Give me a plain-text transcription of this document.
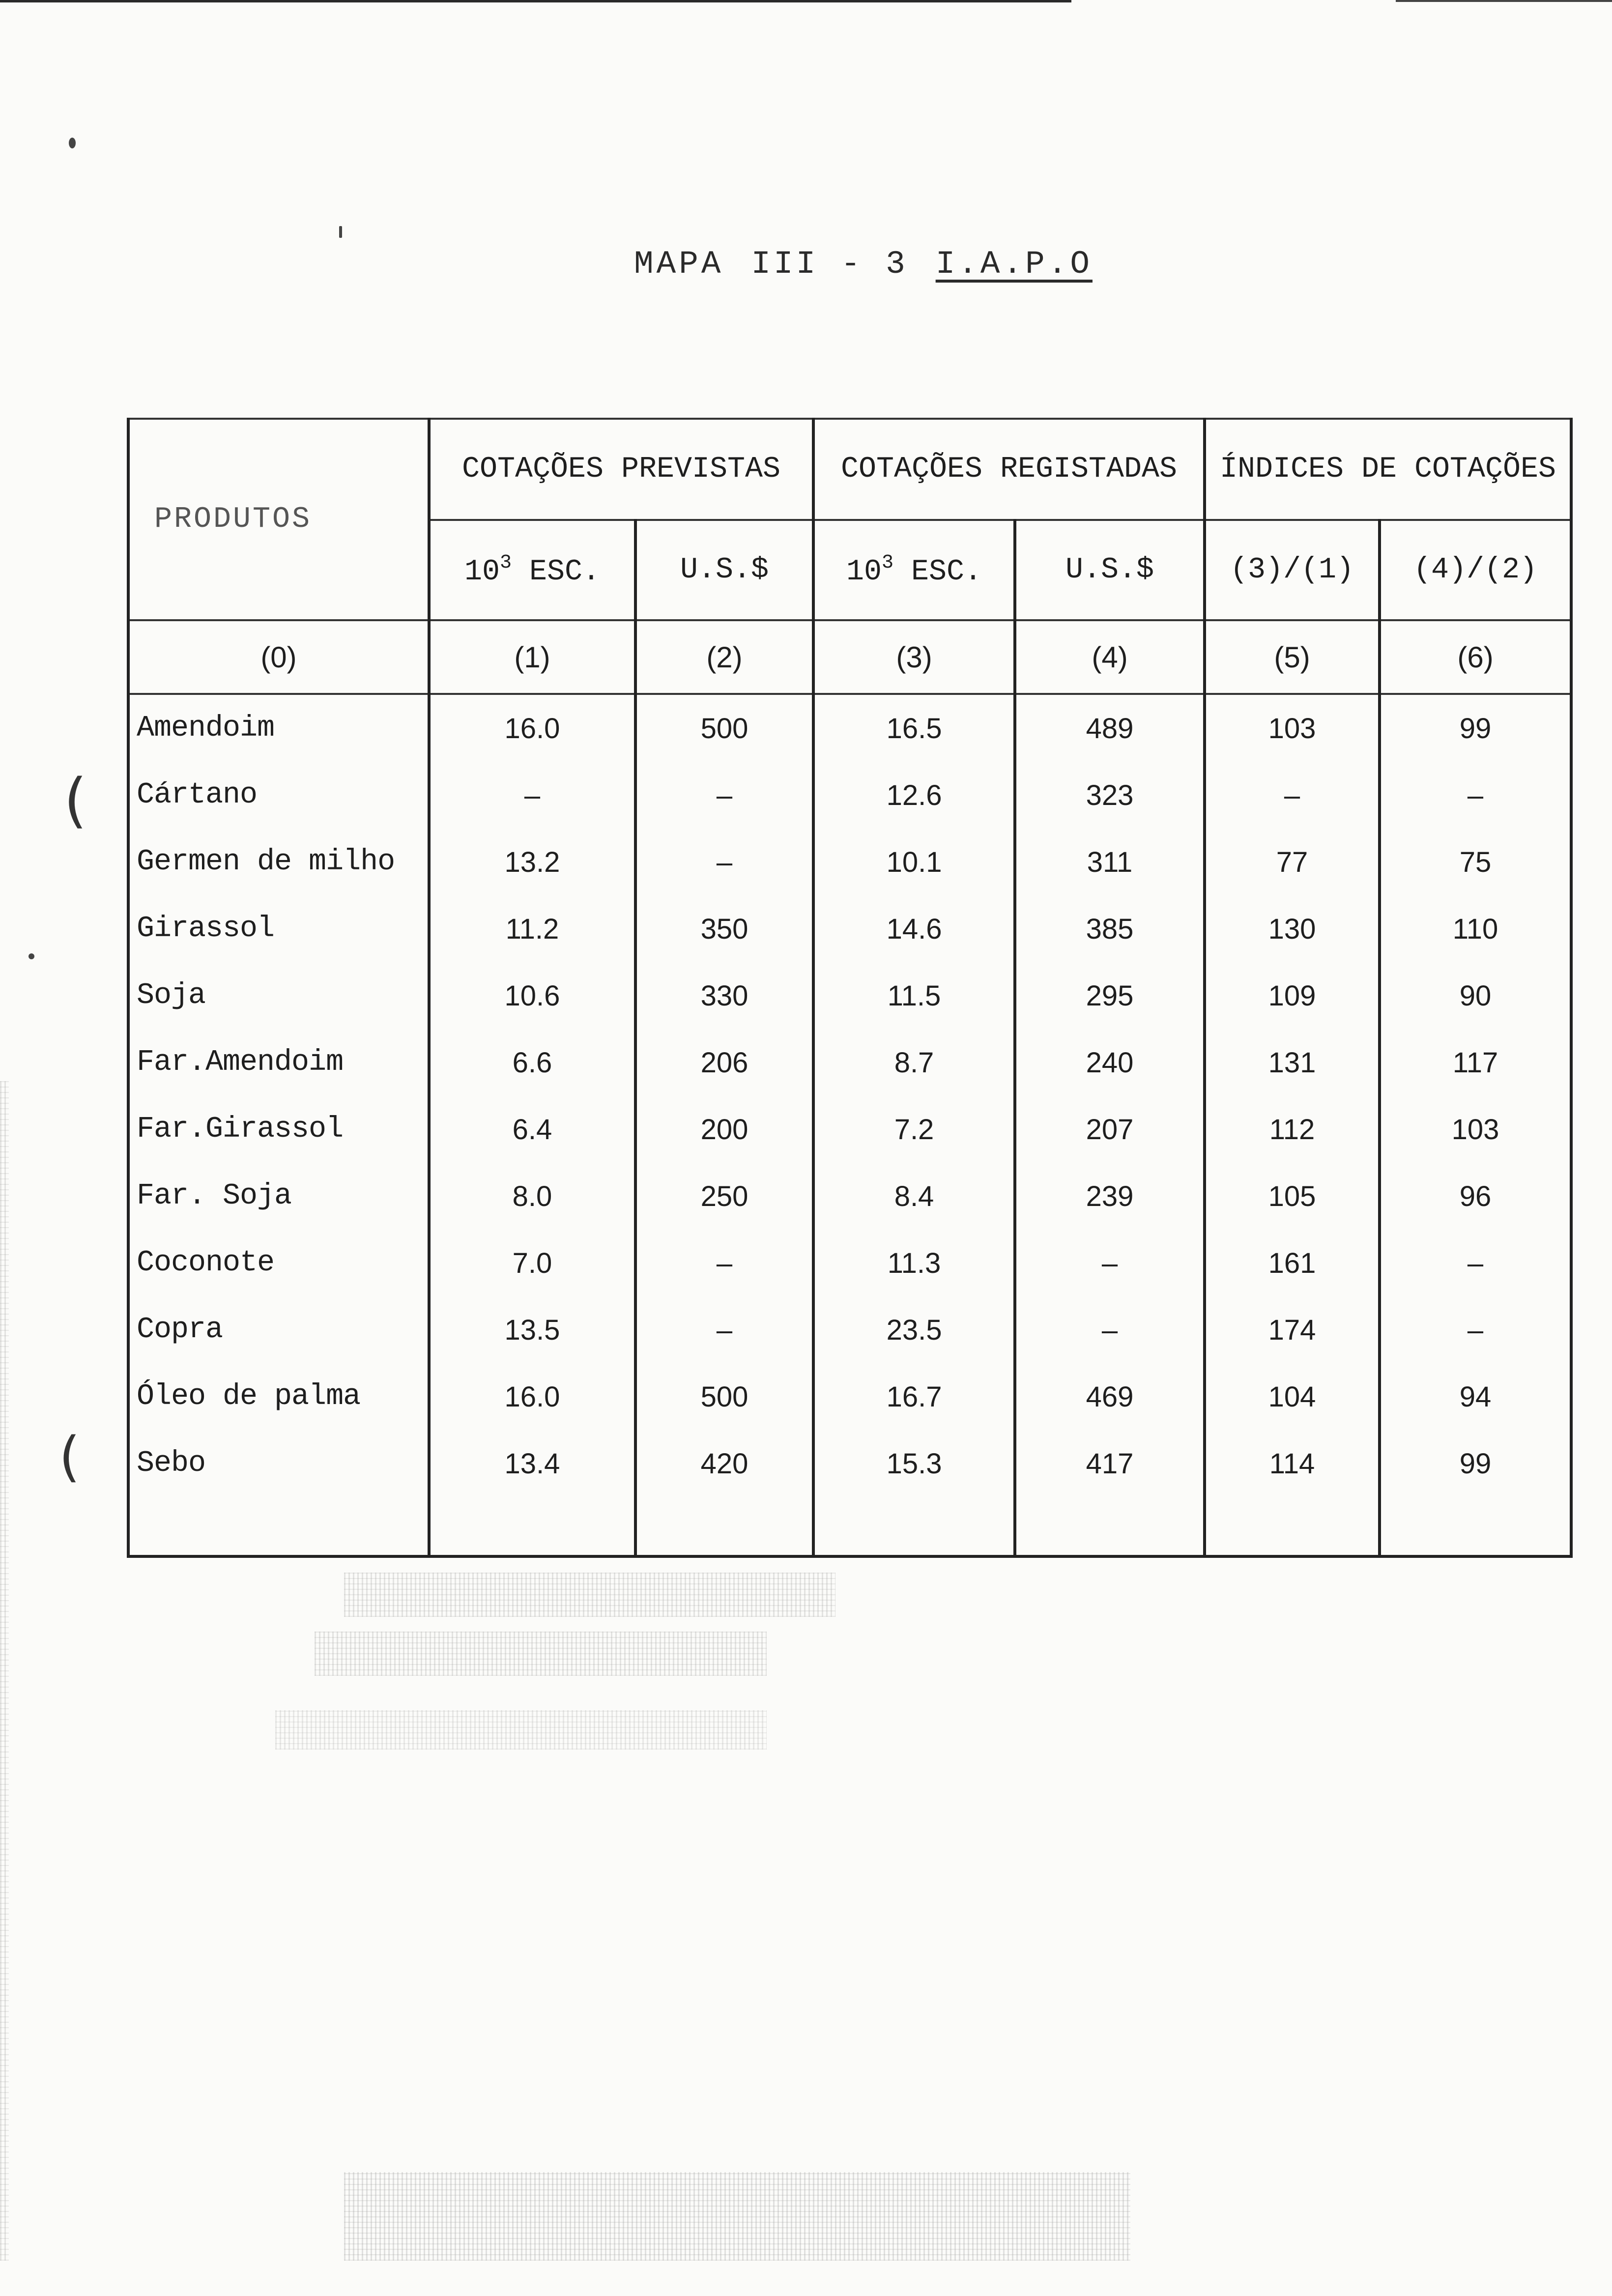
(
(
MAPA III - 3 I.A.P.O
PRODUTOS	COTAÇÕES PREVISTAS		COTAÇÕES REGISTADAS		ÍNDICES DE COTAÇÕES	
	$10^3$ ESC.	U.S.$	$10^3$ ESC.	U.S.$	(3)/(1)	(4)/(2)
(0)	(1)	(2)	(3)	(4)	(5)	(6)
Amendoim	16.0	500	16.5	489	103	99
Cártano	–	–	12.6	323	–	–
Germen de milho	13.2	–	10.1	311	77	75
Girassol	11.2	350	14.6	385	130	110
Soja	10.6	330	11.5	295	109	90
Far.Amendoim	6.6	206	8.7	240	131	117
Far.Girassol	6.4	200	7.2	207	112	103
Far. Soja	8.0	250	8.4	239	105	96
Coconote	7.0	–	11.3	–	161	–
Copra	13.5	–	23.5	–	174	–
Óleo de palma	16.0	500	16.7	469	104	94
Sebo	13.4	420	15.3	417	114	99
